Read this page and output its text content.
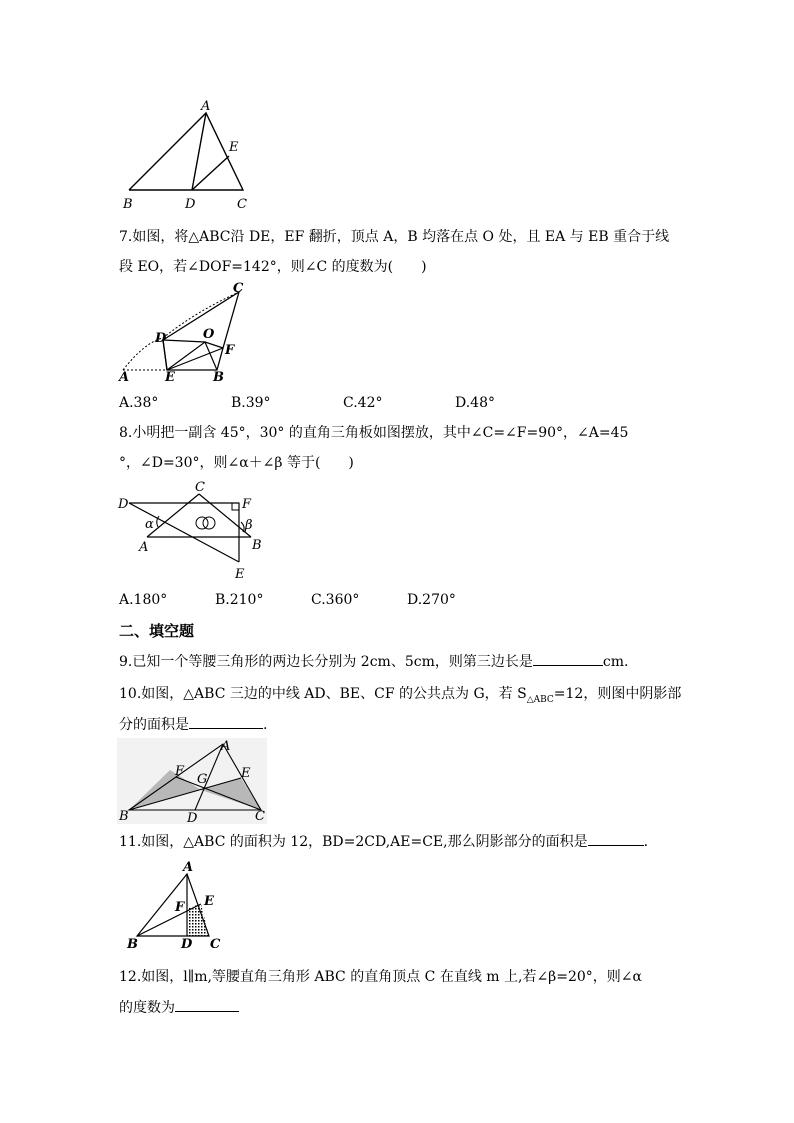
A
E
B	D	C
7.如图，将△ABC沿 DE，EF 翻折，顶点 A，B 均落在点 O 处，且 EA 与 EB 重合于线
段 EO，若∠DOF=142°，则∠C 的度数为(　　)
C
D	O
F
A	E	B
A.38°	B.39°	C.42°	D.48°
8.小明把一副含 45°，30° 的直角三角板如图摆放，其中∠C=∠F=90°，∠A=45
°，∠D=30°，则∠α＋∠β 等于(　　)
D
C
F
α	β
A	B
E
A.180°	B.210°	C.360°	D.270°
二、填空题
9.已知一个等腰三角形的两边长分别为 2cm、5cm，则第三边长是	cm.
10.如图，△ABC 三边的中线 AD、BE、CF 的公共点为 G，若 $S_{\triangle ABC}=12$，则图中阴影部
分的面积是	.
A
F
G	E
B	D	C
11.如图，△ABC 的面积为 12，BD=2CD,AE=CE,那么阴影部分的面积是	.
A
F E
B	D C
12.如图，l∥m,等腰直角三角形 ABC 的直角顶点 C 在直线 m 上,若∠β=20°，则∠α
的度数为
